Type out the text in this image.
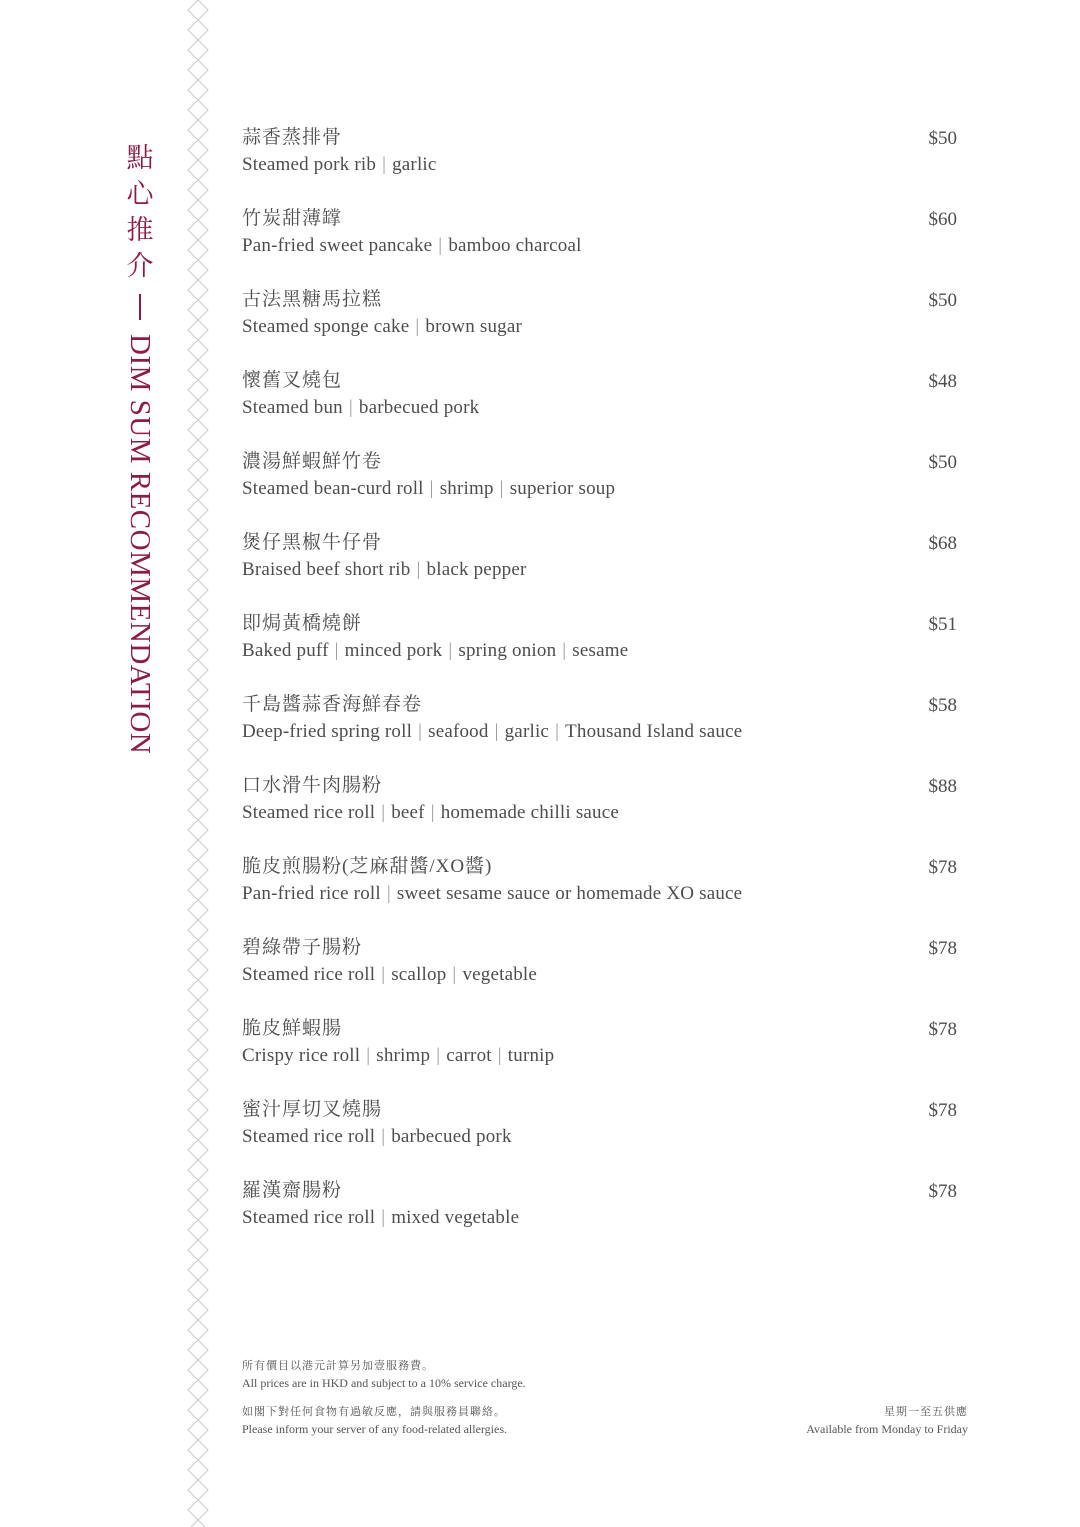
點心推介
DIM SUM RECOMMENDATION
蒜香蒸排骨
Steamed pork rib | garlic
$50
竹炭甜薄罉
Pan-fried sweet pancake | bamboo charcoal
$60
古法黑糖馬拉糕
Steamed sponge cake | brown sugar
$50
懷舊叉燒包
Steamed bun | barbecued pork
$48
濃湯鮮蝦鮮竹卷
Steamed bean-curd roll | shrimp | superior soup
$50
煲仔黑椒牛仔骨
Braised beef short rib | black pepper
$68
即焗黃橋燒餅
Baked puff | minced pork | spring onion | sesame
$51
千島醬蒜香海鮮春卷
Deep-fried spring roll | seafood | garlic | Thousand Island sauce
$58
口水滑牛肉腸粉
Steamed rice roll | beef | homemade chilli sauce
$88
脆皮煎腸粉(芝麻甜醬/XO醬)
Pan-fried rice roll | sweet sesame sauce or homemade XO sauce
$78
碧綠帶子腸粉
Steamed rice roll | scallop | vegetable
$78
脆皮鮮蝦腸
Crispy rice roll | shrimp | carrot | turnip
$78
蜜汁厚切叉燒腸
Steamed rice roll | barbecued pork
$78
羅漢齋腸粉
Steamed rice roll | mixed vegetable
$78
所有價目以港元計算另加壹服務費。
All prices are in HKD and subject to a 10% service charge.
如閣下對任何食物有過敏反應，請與服務員聯絡。
Please inform your server of any food-related allergies.
星期一至五供應
Available from Monday to Friday
